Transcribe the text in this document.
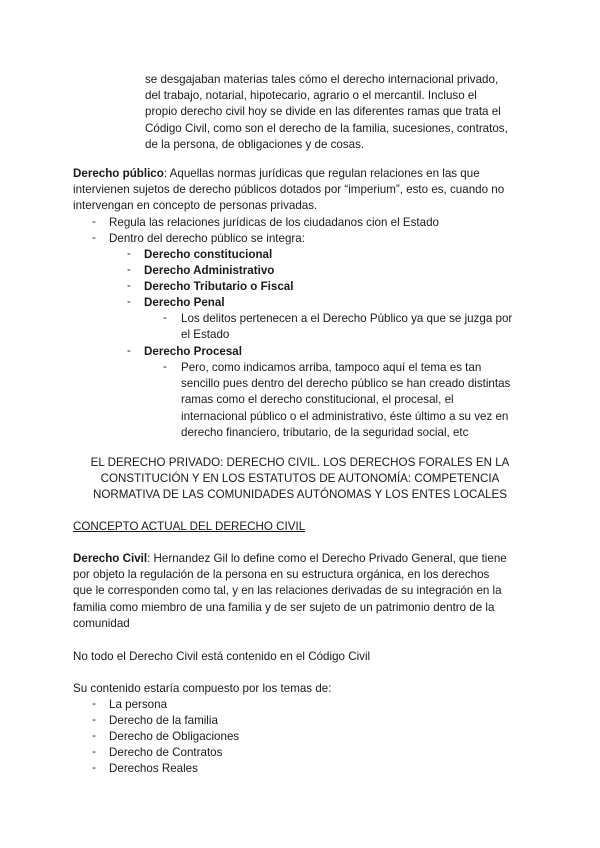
se desgajaban materias tales cómo el derecho internacional privado,
del trabajo, notarial, hipotecario, agrario o el mercantil. Incluso el
propio derecho civil hoy se divide en las diferentes ramas que trata el
Código Civil, como son el derecho de la familia, sucesiones, contratos,
de la persona, de obligaciones y de cosas.
Derecho público: Aquellas normas jurídicas que regulan relaciones en las que
intervienen sujetos de derecho públicos dotados por “imperium”, esto es, cuando no
intervengan en concepto de personas privadas.
- Regula las relaciones jurídicas de los ciudadanos cion el Estado
- Dentro del derecho público se integra:
- Derecho constitucional
- Derecho Administrativo
- Derecho Tributario o Fiscal
- Derecho Penal
- Los delitos pertenecen a el Derecho Público ya que se juzga por
el Estado
- Derecho Procesal
- Pero, como indicamos arriba, tampoco aquí el tema es tan
sencillo pues dentro del derecho público se han creado distintas
ramas como el derecho constitucional, el procesal, el
internacional público o el administrativo, éste último a su vez en
derecho financiero, tributario, de la seguridad social, etc
EL DERECHO PRIVADO: DERECHO CIVIL. LOS DERECHOS FORALES EN LA
CONSTITUCIÓN Y EN LOS ESTATUTOS DE AUTONOMÍA: COMPETENCIA
NORMATIVA DE LAS COMUNIDADES AUTÓNOMAS Y LOS ENTES LOCALES
CONCEPTO ACTUAL DEL DERECHO CIVIL
Derecho Civil: Hernandez Gil lo define como el Derecho Privado General, que tiene
por objeto la regulación de la persona en su estructura orgánica, en los derechos
que le corresponden como tal, y en las relaciones derivadas de su integración en la
familia como miembro de una familia y de ser sujeto de un patrimonio dentro de la
comunidad
No todo el Derecho Civil está contenido en el Código Civil
Su contenido estaría compuesto por los temas de:
- La persona
- Derecho de la familia
- Derecho de Obligaciones
- Derecho de Contratos
- Derechos Reales
